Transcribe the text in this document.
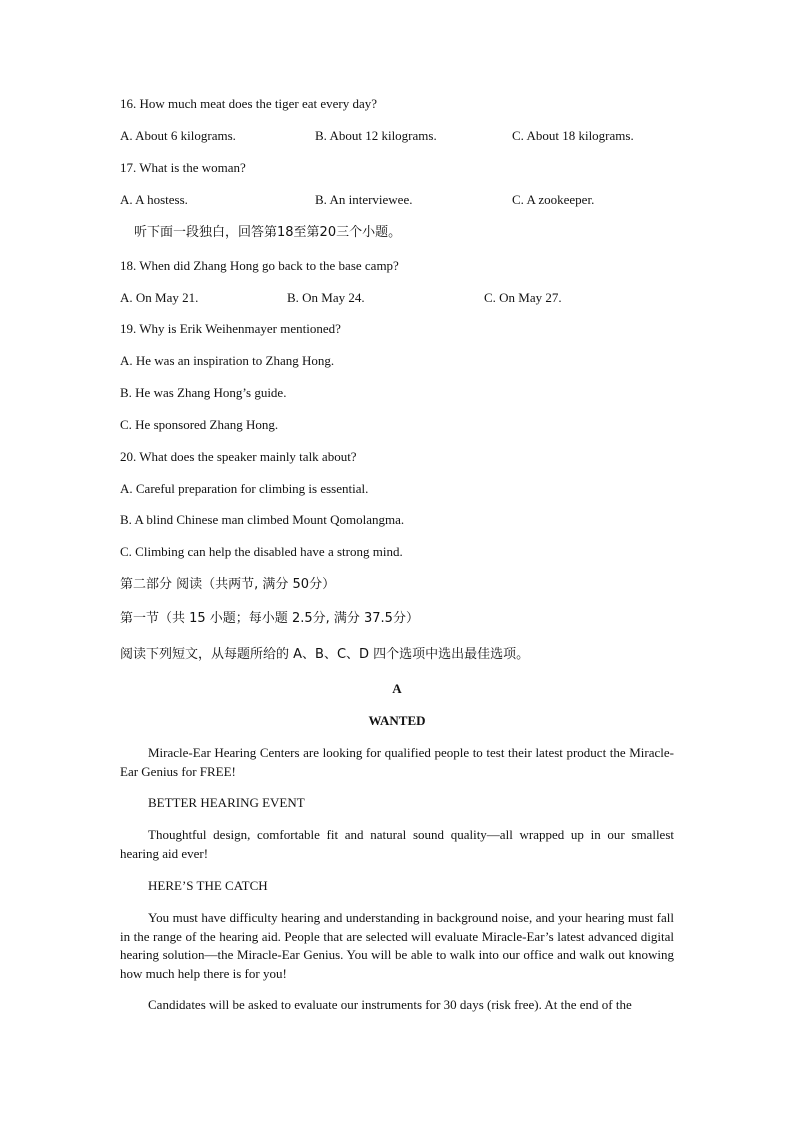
16. How much meat does the tiger eat every day?
A. About 6 kilograms.	B. About 12 kilograms.	C. About 18 kilograms.
17. What is the woman?
A. A hostess.	B. An interviewee.	C. A zookeeper.
听下面一段独白，回答第18至第20三个小题。
18. When did Zhang Hong go back to the base camp?
A. On May 21.	B. On May 24.	C. On May 27.
19. Why is Erik Weihenmayer mentioned?
A. He was an inspiration to Zhang Hong.
B. He was Zhang Hong’s guide.
C. He sponsored Zhang Hong.
20. What does the speaker mainly talk about?
A. Careful preparation for climbing is essential.
B. A blind Chinese man climbed Mount Qomolangma.
C. Climbing can help the disabled have a strong mind.
第二部分 阅读（共两节, 满分 50分）
第一节（共 15 小题；每小题 2.5分, 满分 37.5分）
阅读下列短文，从每题所给的 A、B、C、D 四个选项中选出最佳选项。
A
WANTED
Miracle-Ear Hearing Centers are looking for qualified people to test their latest product the Miracle-Ear Genius for FREE!
BETTER HEARING EVENT
Thoughtful design, comfortable fit and natural sound quality—all wrapped up in our smallest hearing aid ever!
HERE’S THE CATCH
You must have difficulty hearing and understanding in background noise, and your hearing must fall in the range of the hearing aid. People that are selected will evaluate Miracle-Ear’s latest advanced digital hearing solution—the Miracle-Ear Genius. You will be able to walk into our office and walk out knowing how much help there is for you!
Candidates will be asked to evaluate our instruments for 30 days (risk free). At the end of the
